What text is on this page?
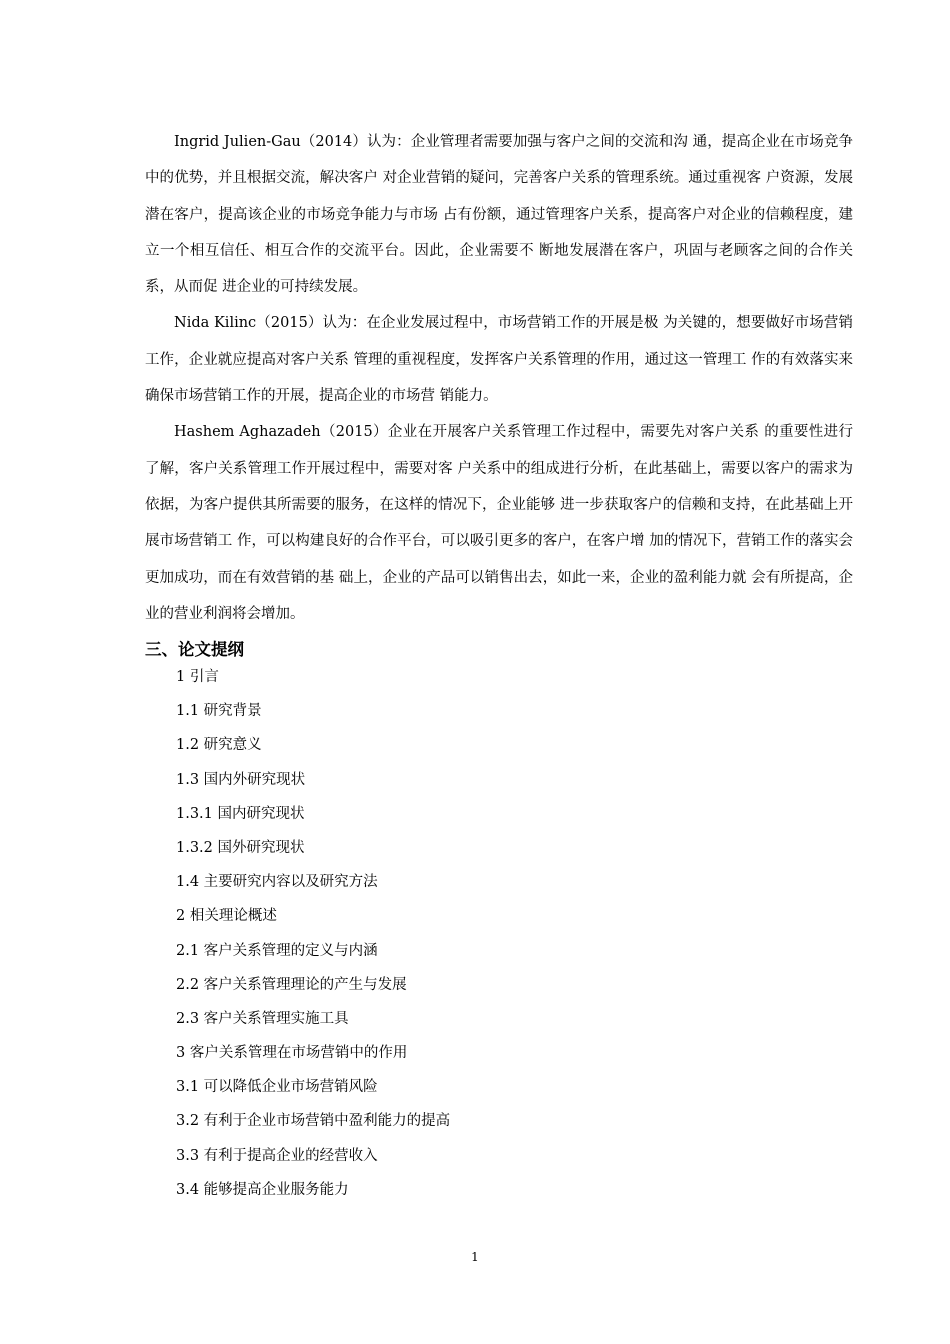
Ingrid Julien-Gau（2014）认为：企业管理者需要加强与客户之间的交流和沟 通，提高企业在市场竞争中的优势，并且根据交流，解决客户 对企业营销的疑问，完善客户关系的管理系统。通过重视客 户资源，发展潜在客户，提高该企业的市场竞争能力与市场 占有份额，通过管理客户关系，提高客户对企业的信赖程度，建立一个相互信任、相互合作的交流平台。因此，企业需要不 断地发展潜在客户，巩固与老顾客之间的合作关系，从而促 进企业的可持续发展。

Nida Kilinc（2015）认为：在企业发展过程中，市场营销工作的开展是极 为关键的，想要做好市场营销工作，企业就应提高对客户关系 管理的重视程度，发挥客户关系管理的作用，通过这一管理工 作的有效落实来确保市场营销工作的开展，提高企业的市场营 销能力。

Hashem Aghazadeh（2015）企业在开展客户关系管理工作过程中，需要先对客户关系 的重要性进行了解，客户关系管理工作开展过程中，需要对客 户关系中的组成进行分析，在此基础上，需要以客户的需求为 依据，为客户提供其所需要的服务，在这样的情况下，企业能够 进一步获取客户的信赖和支持，在此基础上开展市场营销工 作，可以构建良好的合作平台，可以吸引更多的客户，在客户增 加的情况下，营销工作的落实会更加成功，而在有效营销的基 础上，企业的产品可以销售出去，如此一来，企业的盈利能力就 会有所提高，企业的营业利润将会增加。

三、论文提纲
1 引言
1.1 研究背景
1.2 研究意义
1.3 国内外研究现状
1.3.1 国内研究现状
1.3.2 国外研究现状
1.4 主要研究内容以及研究方法
2 相关理论概述
2.1 客户关系管理的定义与内涵
2.2 客户关系管理理论的产生与发展
2.3 客户关系管理实施工具
3 客户关系管理在市场营销中的作用
3.1 可以降低企业市场营销风险
3.2 有利于企业市场营销中盈利能力的提高
3.3 有利于提高企业的经营收入
3.4 能够提高企业服务能力
1
